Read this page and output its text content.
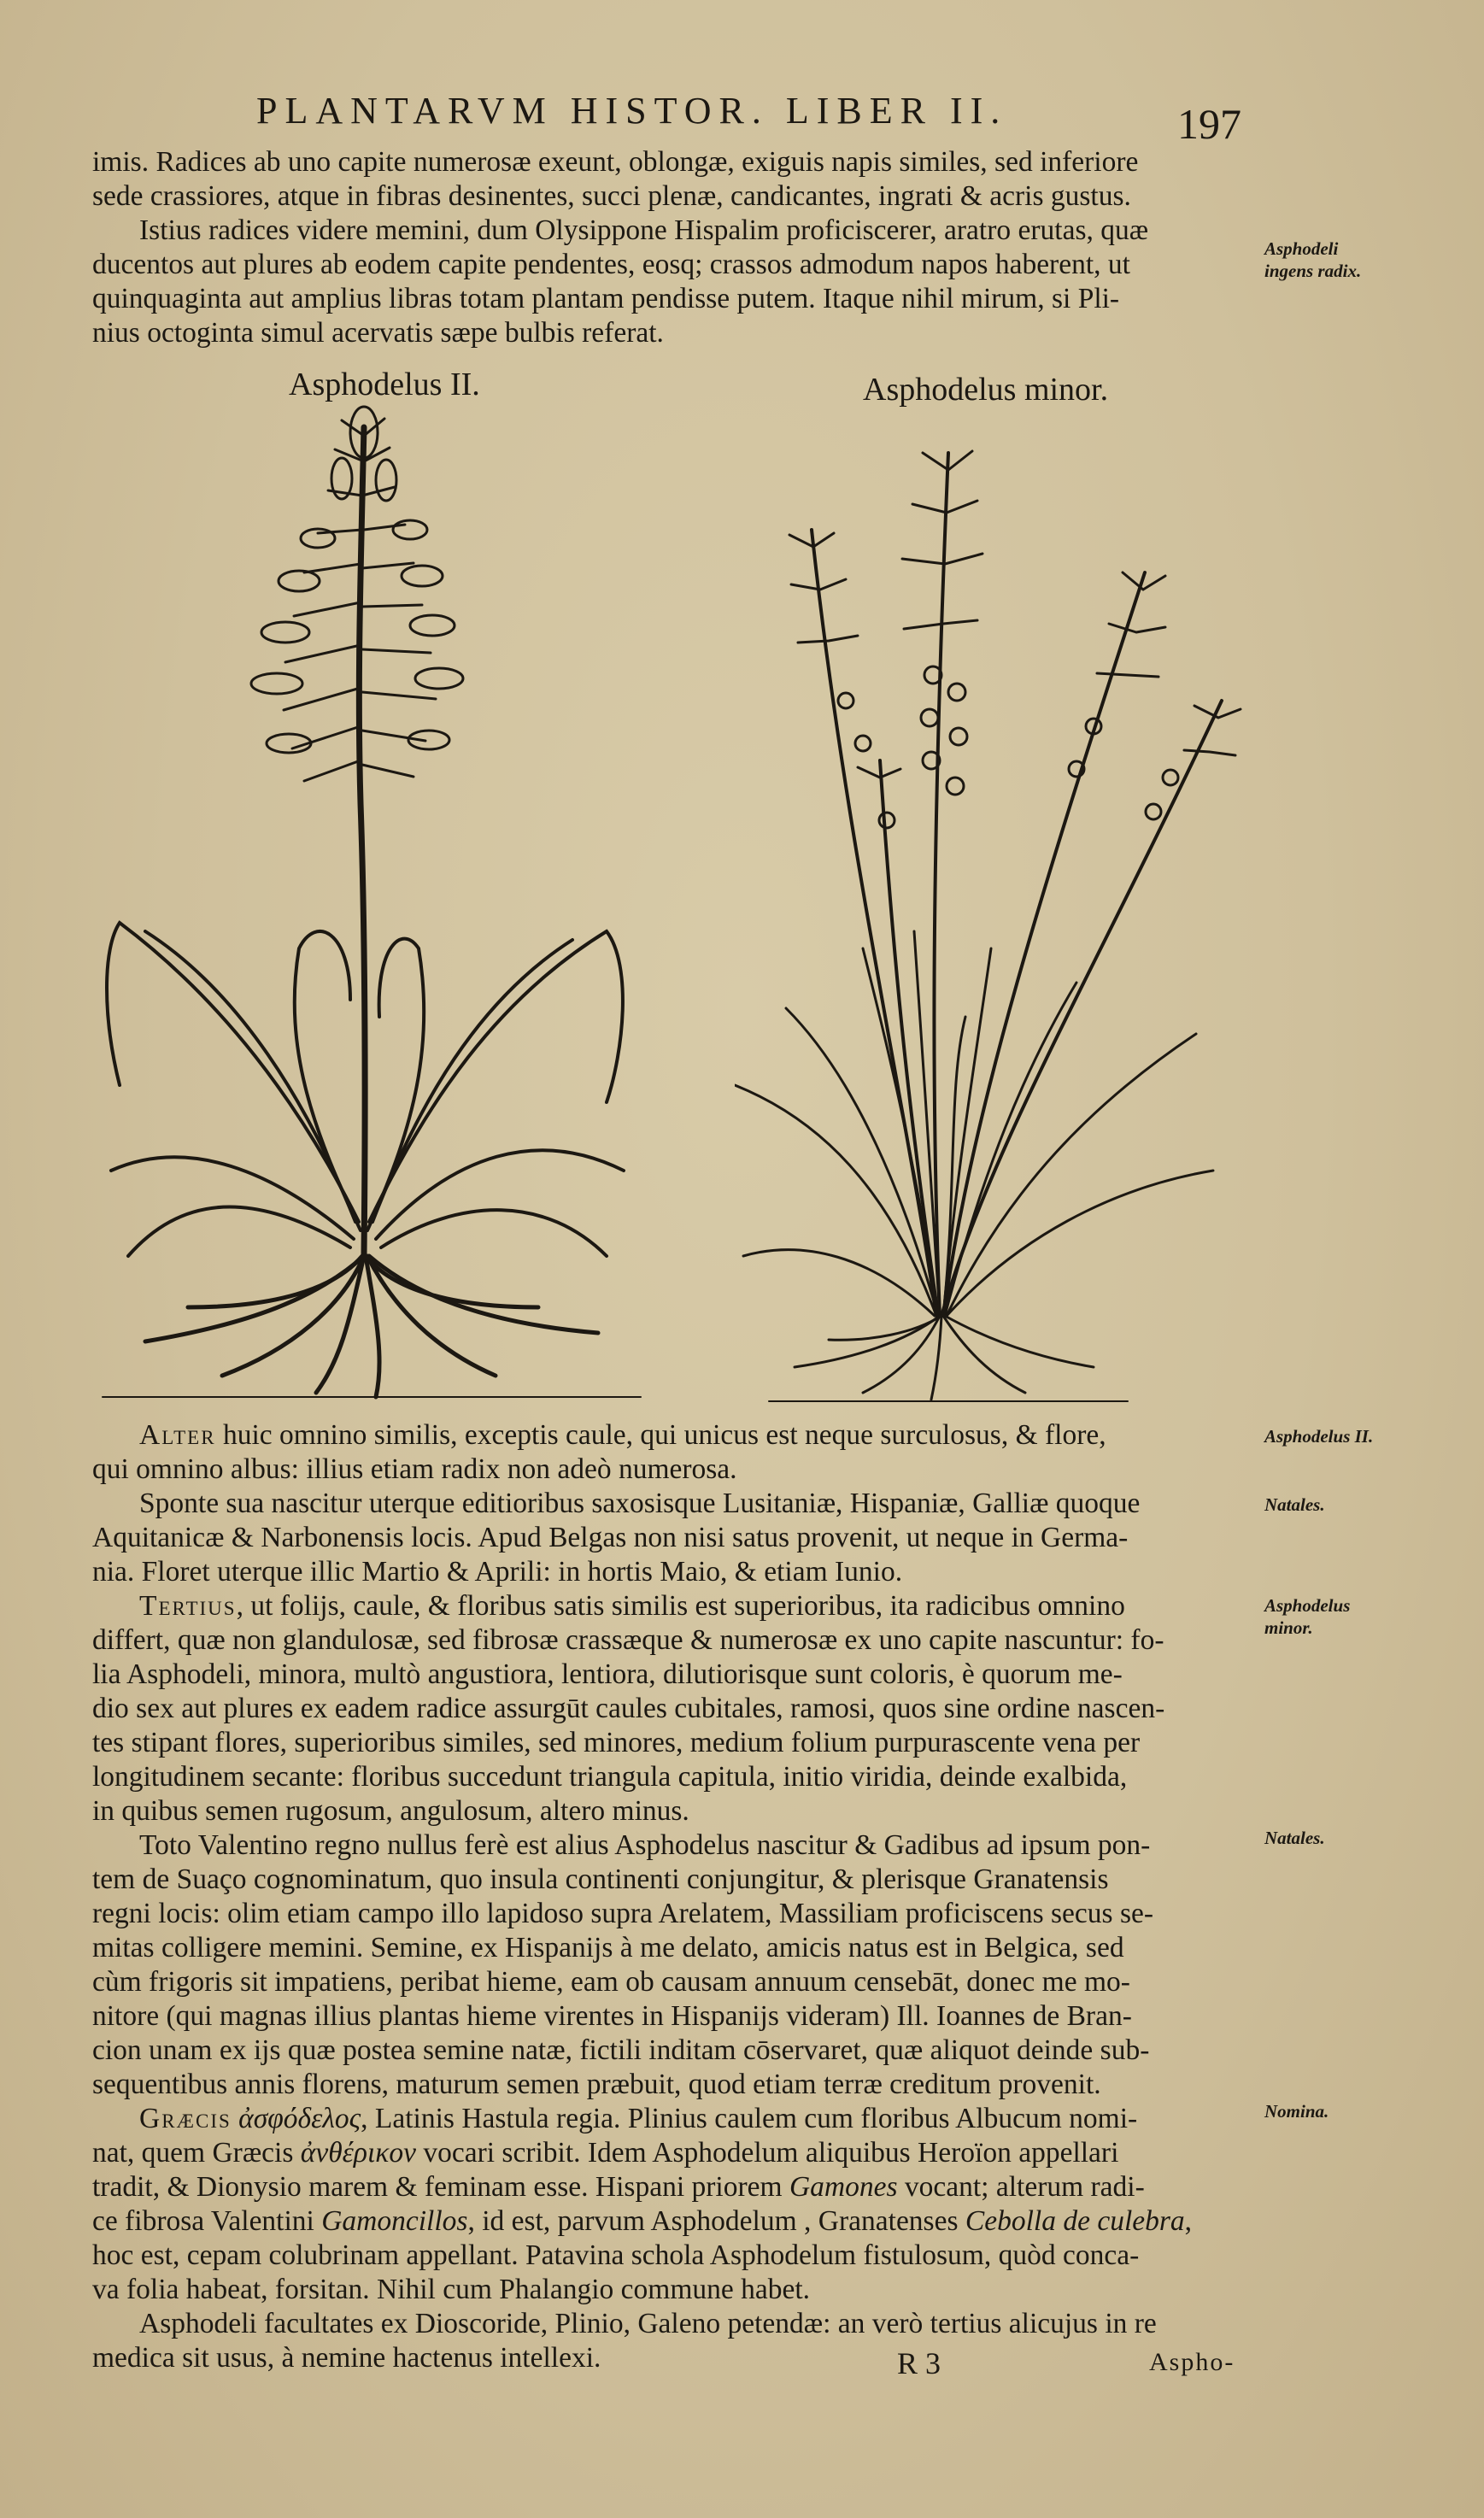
PLANTARVM HISTOR. LIBER II.	197

imis. Radices ab uno capite numerosæ exeunt, oblongæ, exiguis napis similes, sed inferiore

sede crassiores, atque in fibras desinentes, succi plenæ, candicantes, ingrati & acris gustus.

Istius radices videre memini, dum Olysippone Hispalim proficiscerer, aratro erutas, quæ

ducentos aut plures ab eodem capite pendentes, eosq; crassos admodum napos haberent, ut

quinquaginta aut amplius libras totam plantam pendisse putem. Itaque nihil mirum, si Pli-

nius octoginta simul acervatis sæpe bulbis referat.

Asphodeli ingens radix.
Asphodelus II.	Asphodelus minor.

Alter huic omnino similis, exceptis caule, qui unicus est neque surculosus, & flore,

qui omnino albus: illius etiam radix non adeò numerosa.

Sponte sua nascitur uterque editioribus saxosisque Lusitaniæ, Hispaniæ, Galliæ quoque

Aquitanicæ & Narbonensis locis. Apud Belgas non nisi satus provenit, ut neque in Germa-

nia. Floret uterque illic Martio & Aprili: in hortis Maio, & etiam Iunio.

Tertius, ut folijs, caule, & floribus satis similis est superioribus, ita radicibus omnino

differt, quæ non glandulosæ, sed fibrosæ crassæque & numerosæ ex uno capite nascuntur: fo-

lia Asphodeli, minora, multò angustiora, lentiora, dilutiorisque sunt coloris, è quorum me-

dio sex aut plures ex eadem radice assurgūt caules cubitales, ramosi, quos sine ordine nascen-

tes stipant flores, superioribus similes, sed minores, medium folium purpurascente vena per

longitudinem secante: floribus succedunt triangula capitula, initio viridia, deinde exalbida,

in quibus semen rugosum, angulosum, altero minus.

Toto Valentino regno nullus ferè est alius Asphodelus nascitur & Gadibus ad ipsum pon-

tem de Suaço cognominatum, quo insula continenti conjungitur, & plerisque Granatensis

regni locis: olim etiam campo illo lapidoso supra Arelatem, Massiliam proficiscens secus se-

mitas colligere memini. Semine, ex Hispanijs à me delato, amicis natus est in Belgica, sed

cùm frigoris sit impatiens, peribat hieme, eam ob causam annuum censebāt, donec me mo-

nitore (qui magnas illius plantas hieme virentes in Hispanijs videram) Ill. Ioannes de Bran-

cion unam ex ijs quæ postea semine natæ, fictili inditam cōservaret, quæ aliquot deinde sub-

sequentibus annis florens, maturum semen præbuit, quod etiam terræ creditum provenit.

Græcis ἀσφόδελος, Latinis Hastula regia. Plinius caulem cum floribus Albucum nomi-

nat, quem Græcis ἀνθέρικον vocari scribit. Idem Asphodelum aliquibus Heroïon appellari

tradit, & Dionysio marem & feminam esse. Hispani priorem Gamones vocant; alterum radi-

ce fibrosa Valentini Gamoncillos, id est, parvum Asphodelum , Granatenses Cebolla de culebra,

hoc est, cepam colubrinam appellant. Patavina schola Asphodelum fistulosum, quòd conca-

va folia habeat, forsitan. Nihil cum Phalangio commune habet.

Asphodeli facultates ex Dioscoride, Plinio, Galeno petendæ: an verò tertius alicujus in re

medica sit usus, à nemine hactenus intellexi.

Asphodelus II.
Natales.
Asphodelus minor.
Natales.
Nomina.
R 3	Aspho-
